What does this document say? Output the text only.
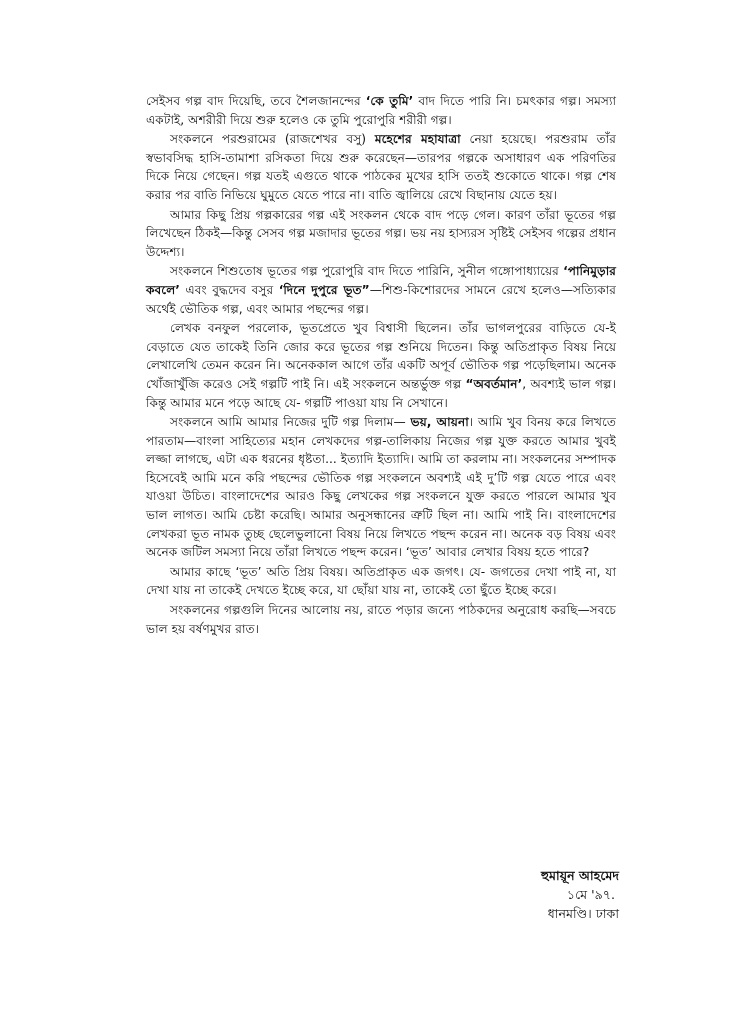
সেইসব গল্প বাদ দিয়েছি, তবে শৈলজানন্দের ‘কে তুমি’ বাদ দিতে পারি নি। চমৎকার গল্প। সমস্যা একটাই, অশরীরী দিয়ে শুরু হলেও কে তুমি পুরোপুরি শরীরী গল্প।

সংকলনে পরশুরামের (রাজশেখর বসু) মহেশের মহাযাত্রা নেয়া হয়েছে। পরশুরাম তাঁর স্বভাবসিদ্ধ হাসি-তামাশা রসিকতা দিয়ে শুরু করেছেন—তারপর গল্পকে অসাধারণ এক পরিণতির দিকে নিয়ে গেছেন। গল্প যতই এগুতে থাকে পাঠকের মুখের হাসি ততই শুকোতে থাকে। গল্প শেষ করার পর বাতি নিভিয়ে ঘুমুতে যেতে পারে না। বাতি জ্বালিয়ে রেখে বিছানায় যেতে হয়।

আমার কিছু প্রিয় গল্পকারের গল্প এই সংকলন থেকে বাদ পড়ে গেল। কারণ তাঁরা ভূতের গল্প লিখেছেন ঠিকই—কিন্তু সেসব গল্প মজাদার ভূতের গল্প। ভয় নয় হাস্যরস সৃষ্টিই সেইসব গল্পের প্রধান উদ্দেশ্য।

সংকলনে শিশুতোষ ভূতের গল্প পুরোপুরি বাদ দিতে পারিনি, সুনীল গঙ্গোপাধ্যায়ের ‘পানিমুড়ার কবলে’ এবং বুদ্ধদেব বসুর ‘দিনে দুপুরে ভূত”—শিশু-কিশোরদের সামনে রেখে হলেও—সত্যিকার অর্থেই ভৌতিক গল্প, এবং আমার পছন্দের গল্প।

লেখক বনফুল পরলোক, ভূতপ্রেতে খুব বিশ্বাসী ছিলেন। তাঁর ভাগলপুরের বাড়িতে যে-ই বেড়াতে যেত তাকেই তিনি জোর করে ভূতের গল্প শুনিয়ে দিতেন। কিন্তু অতিপ্রাকৃত বিষয় নিয়ে লেখালেখি তেমন করেন নি। অনেককাল আগে তাঁর একটি অপূর্ব ভৌতিক গল্প পড়েছিলাম। অনেক খোঁজাখুঁজি করেও সেই গল্পটি পাই নি। এই সংকলনে অন্তর্ভুক্ত গল্প “অবর্তমান’, অবশ্যই ভাল গল্প। কিন্তু আমার মনে পড়ে আছে যে- গল্পটি পাওয়া যায় নি সেখানে।

সংকলনে আমি আমার নিজের দুটি গল্প দিলাম— ভয়, আয়না। আমি খুব বিনয় করে লিখতে পারতাম—বাংলা সাহিত্যের মহান লেখকদের গল্প-তালিকায় নিজের গল্প যুক্ত করতে আমার খুবই লজ্জা লাগছে, এটা এক ধরনের ধৃষ্টতা... ইত্যাদি ইত্যাদি। আমি তা করলাম না। সংকলনের সম্পাদক হিসেবেই আমি মনে করি পছন্দের ভৌতিক গল্প সংকলনে অবশ্যই এই দু’টি গল্প যেতে পারে এবং যাওয়া উচিত। বাংলাদেশের আরও কিছু লেখকের গল্প সংকলনে যুক্ত করতে পারলে আমার খুব ভাল লাগত। আমি চেষ্টা করেছি। আমার অনুসন্ধানের ত্রুটি ছিল না। আমি পাই নি। বাংলাদেশের লেখকরা ভূত নামক তুচ্ছ ছেলেভুলানো বিষয় নিয়ে লিখতে পছন্দ করেন না। অনেক বড় বিষয় এবং অনেক জটিল সমস্যা নিয়ে তাঁরা লিখতে পছন্দ করেন। ‘ভূত’ আবার লেখার বিষয় হতে পারে?

আমার কাছে ‘ভূত’ অতি প্রিয় বিষয়। অতিপ্রাকৃত এক জগৎ। যে- জগতের দেখা পাই না, যা দেখা যায় না তাকেই দেখতে ইচ্ছে করে, যা ছোঁয়া যায় না, তাকেই তো ছুঁতে ইচ্ছে করে।

সংকলনের গল্পগুলি দিনের আলোয় নয়, রাতে পড়ার জন্যে পাঠকদের অনুরোধ করছি—সবচে ভাল হয় বর্ষণমুখর রাত।

হুমায়ূন আহমেদ
১মে '৯৭.
ধানমণ্ডি। ঢাকা
